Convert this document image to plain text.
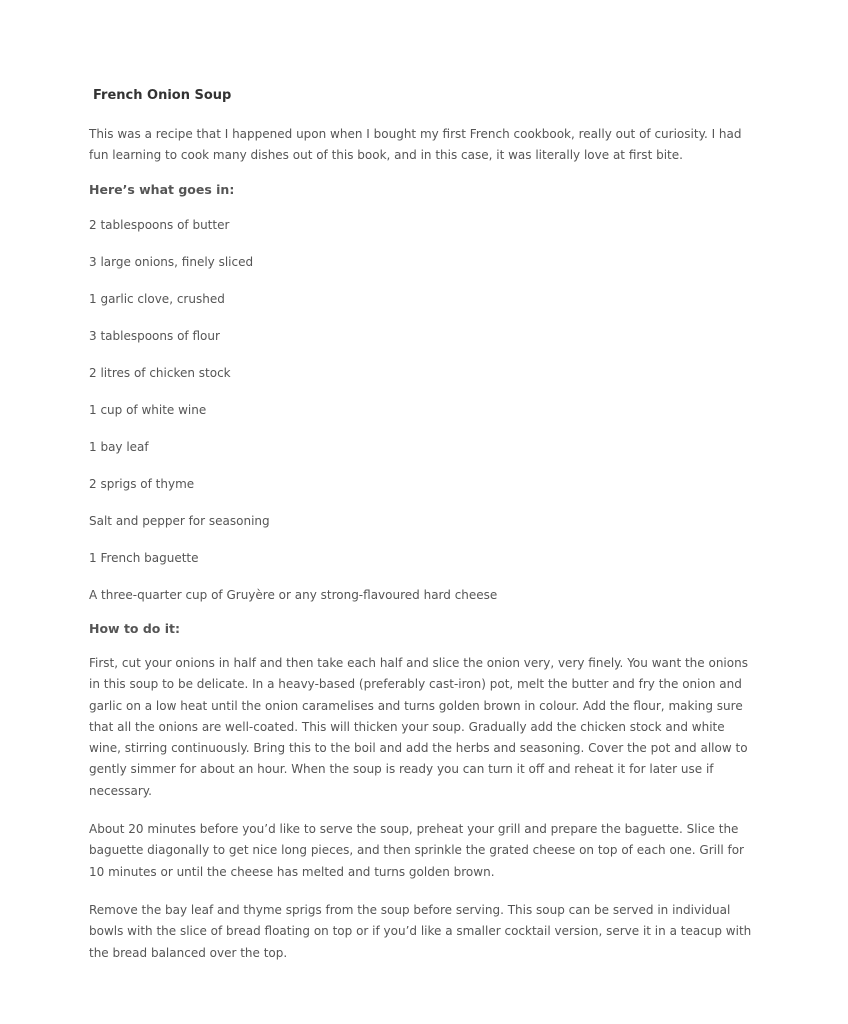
French Onion Soup

This was a recipe that I happened upon when I bought my first French cookbook, really out of curiosity. I had fun learning to cook many dishes out of this book, and in this case, it was literally love at first bite.

Here’s what goes in:
2 tablespoons of butter
3 large onions, finely sliced
1 garlic clove, crushed
3 tablespoons of flour
2 litres of chicken stock
1 cup of white wine
1 bay leaf
2 sprigs of thyme
Salt and pepper for seasoning
1 French baguette
A three-quarter cup of Gruyère or any strong-flavoured hard cheese
How to do it:

First, cut your onions in half and then take each half and slice the onion very, very finely. You want the onions in this soup to be delicate. In a heavy-based (preferably cast-iron) pot, melt the butter and fry the onion and garlic on a low heat until the onion caramelises and turns golden brown in colour. Add the flour, making sure that all the onions are well-coated. This will thicken your soup. Gradually add the chicken stock and white wine, stirring continuously. Bring this to the boil and add the herbs and seasoning. Cover the pot and allow to gently simmer for about an hour. When the soup is ready you can turn it off and reheat it for later use if necessary.

About 20 minutes before you’d like to serve the soup, preheat your grill and prepare the baguette. Slice the baguette diagonally to get nice long pieces, and then sprinkle the grated cheese on top of each one. Grill for 10 minutes or until the cheese has melted and turns golden brown.

Remove the bay leaf and thyme sprigs from the soup before serving. This soup can be served in individual bowls with the slice of bread floating on top or if you’d like a smaller cocktail version, serve it in a teacup with the bread balanced over the top.
